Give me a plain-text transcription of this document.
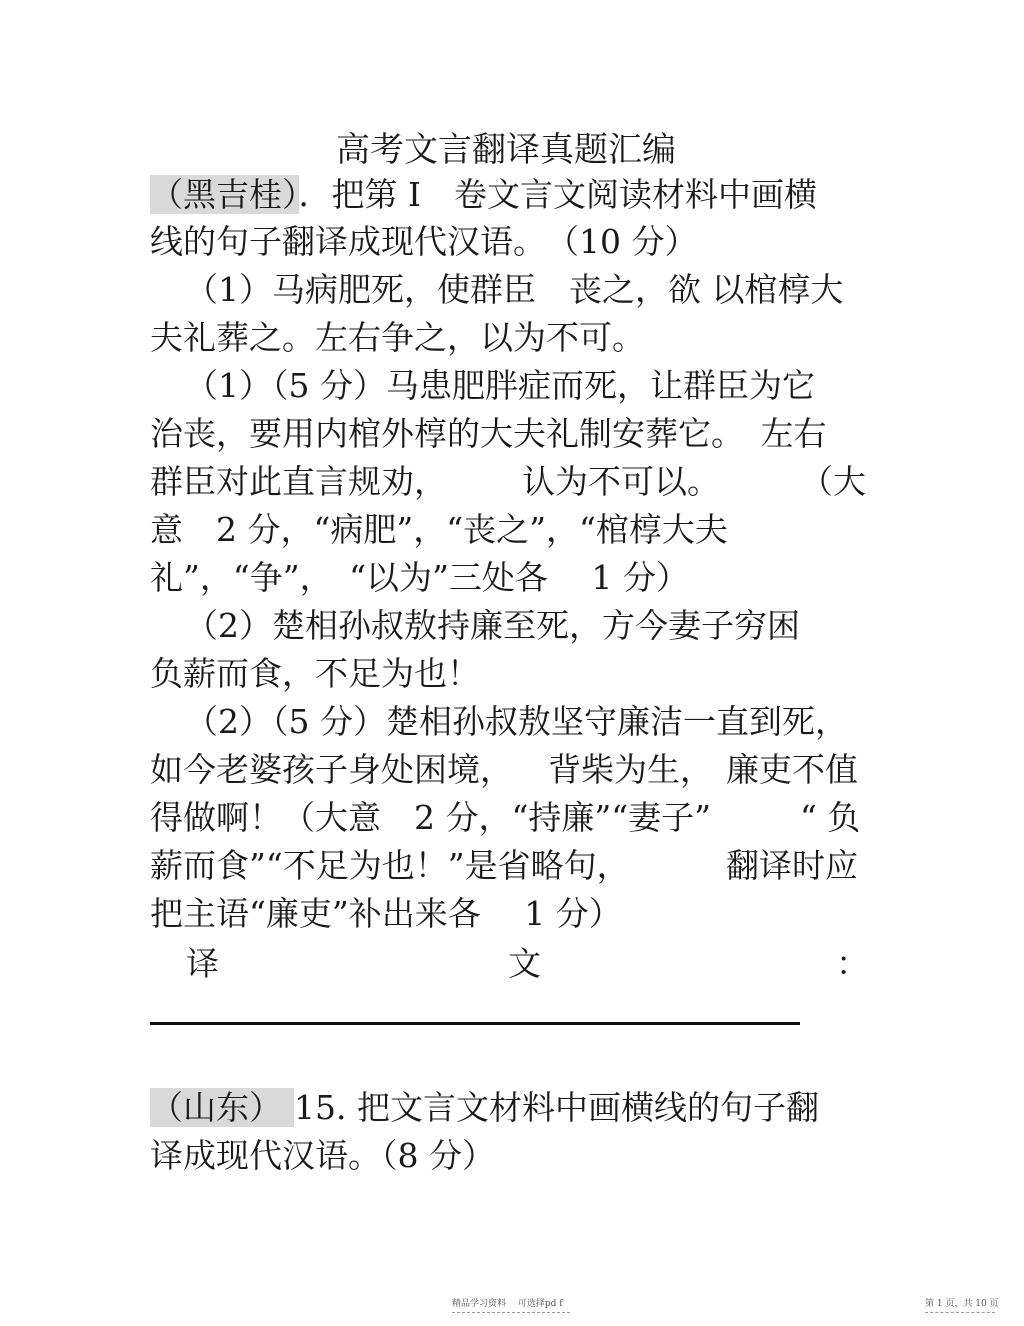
高考文言翻译真题汇编
（黑吉桂）．把第 I　卷文言文阅读材料中画横
线的句子翻译成现代汉语。　（10 分）
（1）马病肥死，使群臣　丧之，欲 以棺椁大
夫礼葬之。左右争之，以为不可。
（1）（5 分）马患肥胖症而死，让群臣为它
治丧，要用内棺外椁的大夫礼制安葬它。　左右
群臣对此直言规劝， 认为不可以。 （大
意　2 分，“病肥”，“丧之”，“棺椁大夫
礼”，“争”，　“以为”三处各　 1 分）
（2）楚相孙叔敖持廉至死，方今妻子穷困
负薪而食，不足为也！
（2）（5 分）楚相孙叔敖坚守廉洁一直到死，
如今老婆孩子身处困境， 背柴为生， 廉吏不值
得做啊！（大意　2 分，“持廉”“妻子”	“ 负
薪而食”“不足为也！”是省略句，	翻译时应
把主语“廉吏”补出来各　 1 分）
译	文	：
（山东） 15. 把文言文材料中画横线的句子翻
译成现代汉语。（8 分）
精品学习资料　 可选择pd f	第 1 页，共 10 页
